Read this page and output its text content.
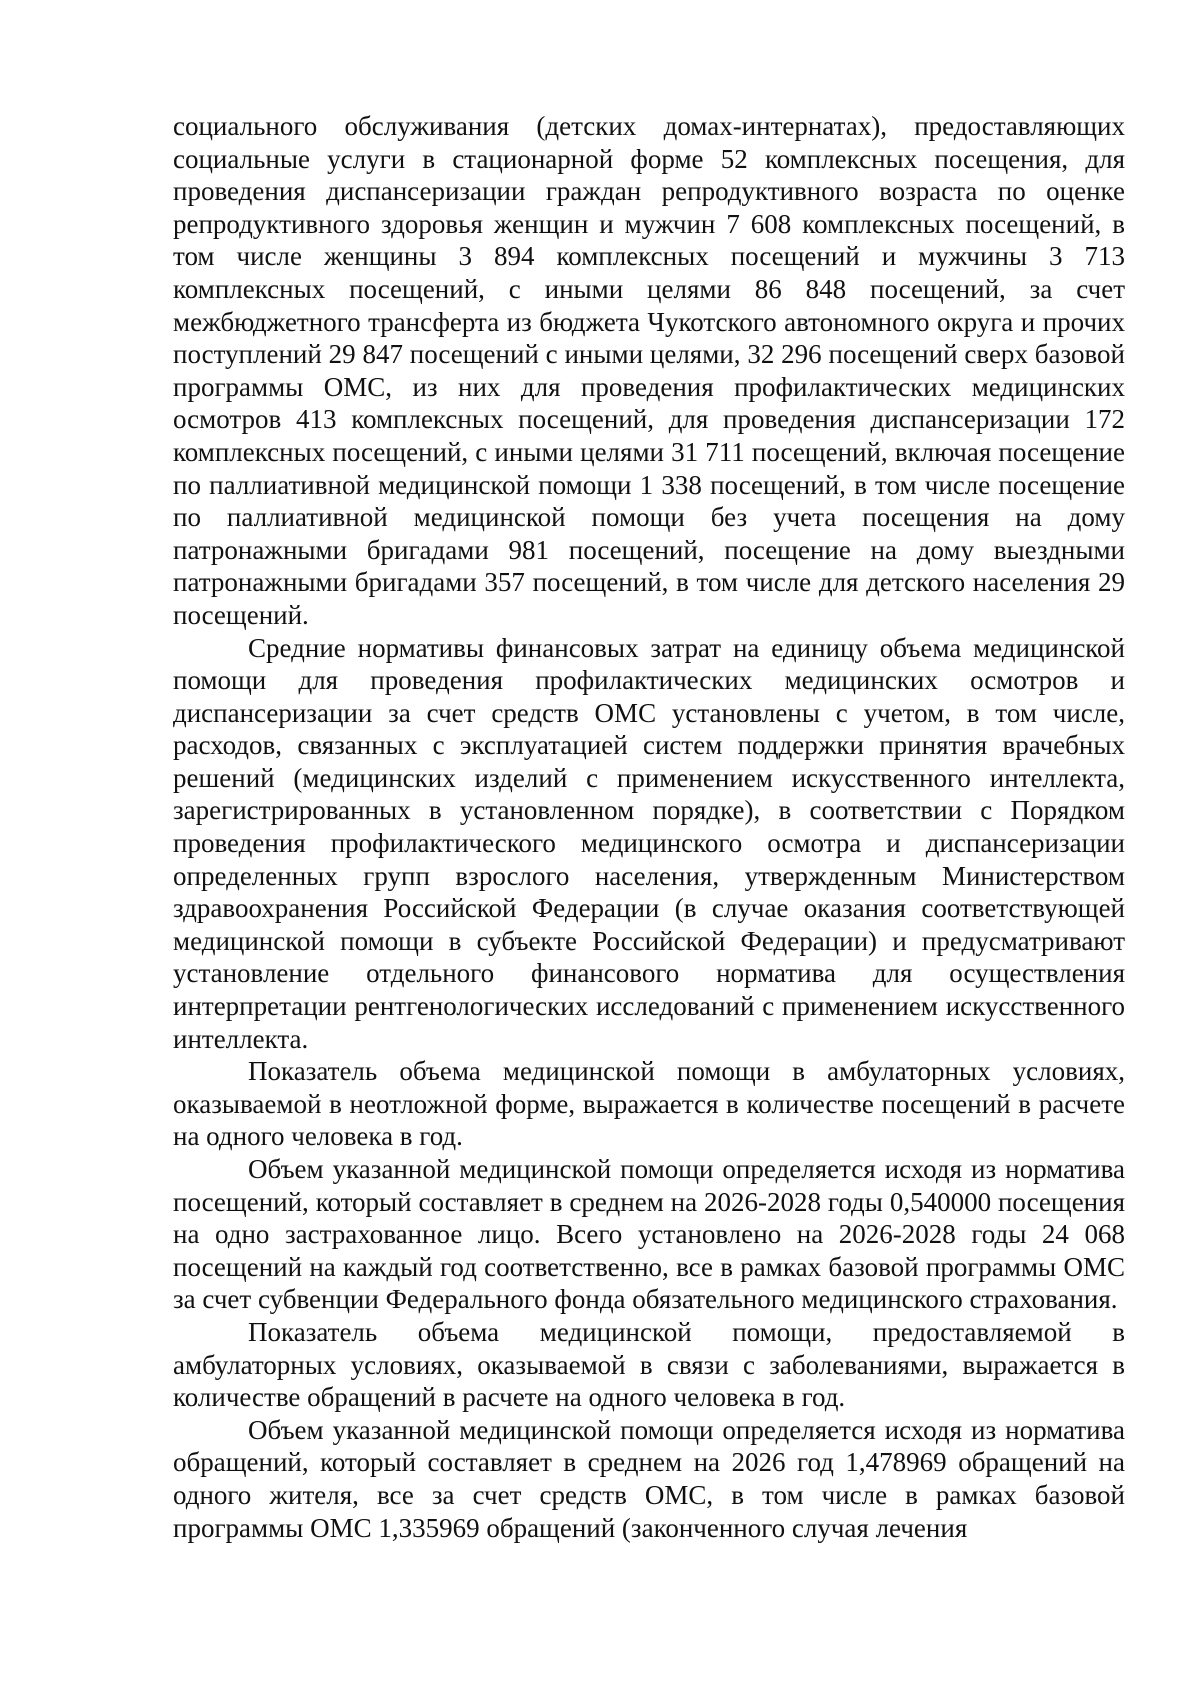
социального обслуживания (детских домах-интернатах), предоставляющих социальные услуги в стационарной форме 52 комплексных посещения, для проведения диспансеризации граждан репродуктивного возраста по оценке репродуктивного здоровья женщин и мужчин 7 608 комплексных посещений, в том числе женщины 3 894 комплексных посещений и мужчины 3 713 комплексных посещений, с иными целями 86 848 посещений, за счет межбюджетного трансферта из бюджета Чукотского автономного округа и прочих поступлений 29 847 посещений с иными целями, 32 296 посещений сверх базовой программы ОМС, из них для проведения профилактических медицинских осмотров 413 комплексных посещений, для проведения диспансеризации 172 комплексных посещений, с иными целями 31 711 посещений, включая посещение по паллиативной медицинской помощи 1 338 посещений, в том числе посещение по паллиативной медицинской помощи без учета посещения на дому патронажными бригадами 981 посещений, посещение на дому выездными патронажными бригадами 357 посещений, в том числе для детского населения 29 посещений.

Средние нормативы финансовых затрат на единицу объема медицинской помощи для проведения профилактических медицинских осмотров и диспансеризации за счет средств ОМС установлены с учетом, в том числе, расходов, связанных с эксплуатацией систем поддержки принятия врачебных решений (медицинских изделий с применением искусственного интеллекта, зарегистрированных в установленном порядке), в соответствии с Порядком проведения профилактического медицинского осмотра и диспансеризации определенных групп взрослого населения, утвержденным Министерством здравоохранения Российской Федерации (в случае оказания соответствующей медицинской помощи в субъекте Российской Федерации) и предусматривают установление отдельного финансового норматива для осуществления интерпретации рентгенологических исследований с применением искусственного интеллекта.

Показатель объема медицинской помощи в амбулаторных условиях, оказываемой в неотложной форме, выражается в количестве посещений в расчете на одного человека в год.

Объем указанной медицинской помощи определяется исходя из норматива посещений, который составляет в среднем на 2026-2028 годы 0,540000 посещения на одно застрахованное лицо. Всего установлено на 2026-2028 годы 24 068 посещений на каждый год соответственно, все в рамках базовой программы ОМС за счет субвенции Федерального фонда обязательного медицинского страхования.

Показатель объема медицинской помощи, предоставляемой в амбулаторных условиях, оказываемой в связи с заболеваниями, выражается в количестве обращений в расчете на одного человека в год.

Объем указанной медицинской помощи определяется исходя из норматива обращений, который составляет в среднем на 2026 год 1,478969 обращений на одного жителя, все за счет средств ОМС, в том числе в рамках базовой программы ОМС 1,335969 обращений (законченного случая лечения
